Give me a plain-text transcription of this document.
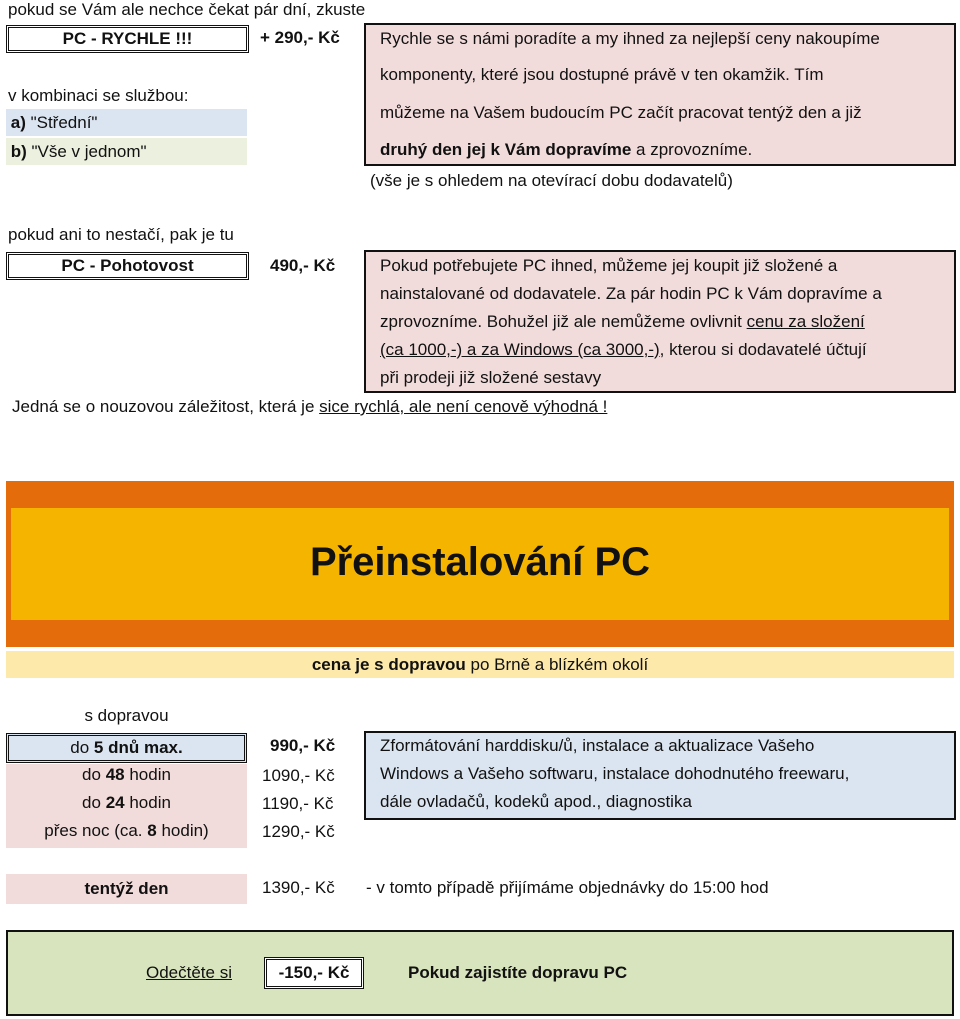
pokud se Vám ale nechce čekat pár dní, zkuste
PC - RYCHLE !!!	+ 290,- Kč Rychle se s námi poradíte a my ihned za nejlepší ceny nakoupíme
komponenty, které jsou dostupné právě v ten okamžik. Tím
můžeme na Vašem budoucím PC začít pracovat tentýž den a již
druhý den jej k Vám dopravíme a zprovozníme.
(vše je s ohledem na otevírací dobu dodavatelů)
v kombinaci se službou:
a) "Střední"
b) "Vše v jednom"
pokud ani to nestačí, pak je tu
PC - Pohotovost	490,- Kč	Pokud potřebujete PC ihned, můžeme jej koupit již složené a
nainstalované od dodavatele. Za pár hodin PC k Vám dopravíme a
zprovozníme. Bohužel již ale nemůžeme ovlivnit cenu za složení
(ca 1000,-) a za Windows (ca 3000,-), kterou si dodavatelé účtují
při prodeji již složené sestavy
Jedná se o nouzovou záležitost, která je sice rychlá, ale není cenově výhodná !
Přeinstalování PC
cena je s dopravou po Brně a blízkém okolí
s dopravou
do 5 dnů max.	990,- Kč
do 48 hodin	1090,- Kč
do 24 hodin	1190,- Kč
přes noc (ca. 8 hodin)	1290,- Kč
Zformátování harddisku/ů, instalace a aktualizace Vašeho
Windows a Vašeho softwaru, instalace dohodnutého freewaru,
dále ovladačů, kodeků apod., diagnostika
tentýž den	1390,- Kč - v tomto případě přijímáme objednávky do 15:00 hod
Odečtěte si	-150,- Kč	Pokud zajistíte dopravu PC
